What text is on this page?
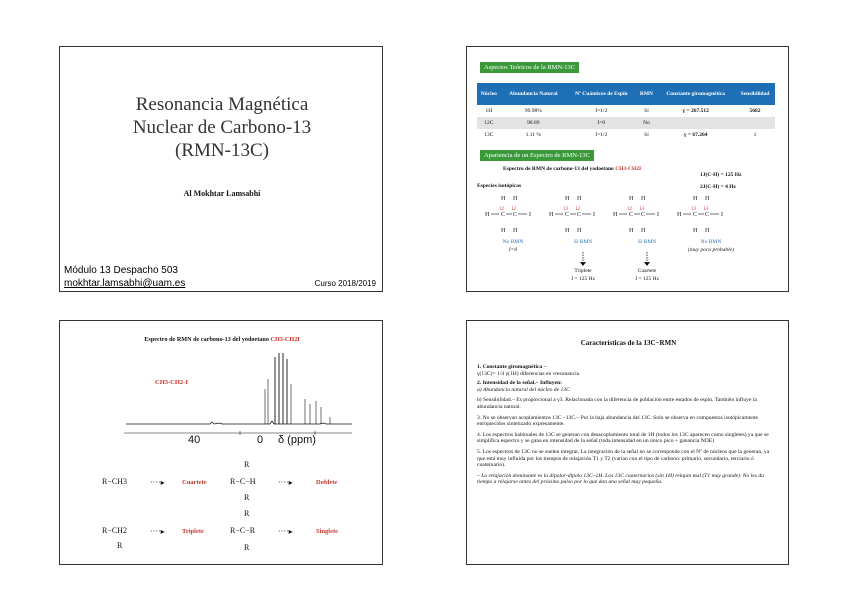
Resonancia Magnética
Nuclear de Carbono-13
(RMN-13C)
Al Mokhtar Lamsabhi
Módulo 13 Despacho 503
mokhtar.lamsabhi@uam.es	Curso 2018/2019
Aspectos Teóricos de la RMN-13C
Núcleo	Abundancia Natural	Nº Cuánticos de Espín	RMN	Constante giromagnética	Sensibilidad
1H	99.98%	I=1/2	Sí	γ = 267.512	5682
12C	98.89	I=0	No		
13C	1.11 %	I=1/2	Sí	γ = 67.264	1
Apariencia de un Espectro de RMN-13C
Espectro de RMN de carbono-13 del yodoetano CH3-CH2I
1J(C-H) = 125 Hz
2J(C-H) = 4 Hz
Especies isotópicas
H H
H C C I
H H
12 12
H H
H C C I
H H
13 12
H H
H C C I
H H
12 13
H H
H C C I
H H
13 13
No RMN
I=0
Sí RMN
Triplete
J = 125 Hz
Sí RMN
Cuartete
J = 125 Hz
No RMN
(muy poco probable)
Espectro de RMN de carbono-13 del yodoetano CH3-CH2I
CH3-CH2-I
40	0 δ (ppm)
R−CH3	····▸	Cuartete
R
R−C−H
R
····▸	Doblete
R−CH2
R
····▸	Triplete
R
R−C−R
R
····▸	Singlete
Características de la 13C−RMN

1. Constante giromagnética –

γ(13C)= 1/4 γ(1H) diferencias en νresonancia

2. Intensidad de la señal.– Influyen:

a) Abundancia natural del núcleo de 13C

b) Sensibilidad.– Es proporcional a γ3. Relacionada con la diferencia de población entre estados de espín. También influye la abundancia natural.

3. No se observan acoplamientos 13C –13C.– Por la baja abundancia del 13C. Solo se observa en compuestos isotópicamente enriquecidos sintetizado expresamente.

4. Los espectros habituales de 13C se generan con desacoplamiento total de 1H (todos los 13C aparecen como singletes) ya que se simplifica espectro y se gana en intensidad de la señal (toda intensidad en un único pico + ganancia NOE)

5. Los espectros de 13C no se suelen integrar. La integración de la señal no se corresponde con el Nº de núcleos que la generan, ya que está muy influida por los tiempos de relajación T1 y T2 (varían con el tipo de carbono: primario, secundario, terciario ó cuaternario).

– La relajación dominante es la dipolar-dipolo 13C–1H. Los 13C cuaternarios (sin 1H) relajan mal (T1 muy grande). No les da tiempo a relajarse antes del próximo pulso por lo que dan una señal muy pequeña.
